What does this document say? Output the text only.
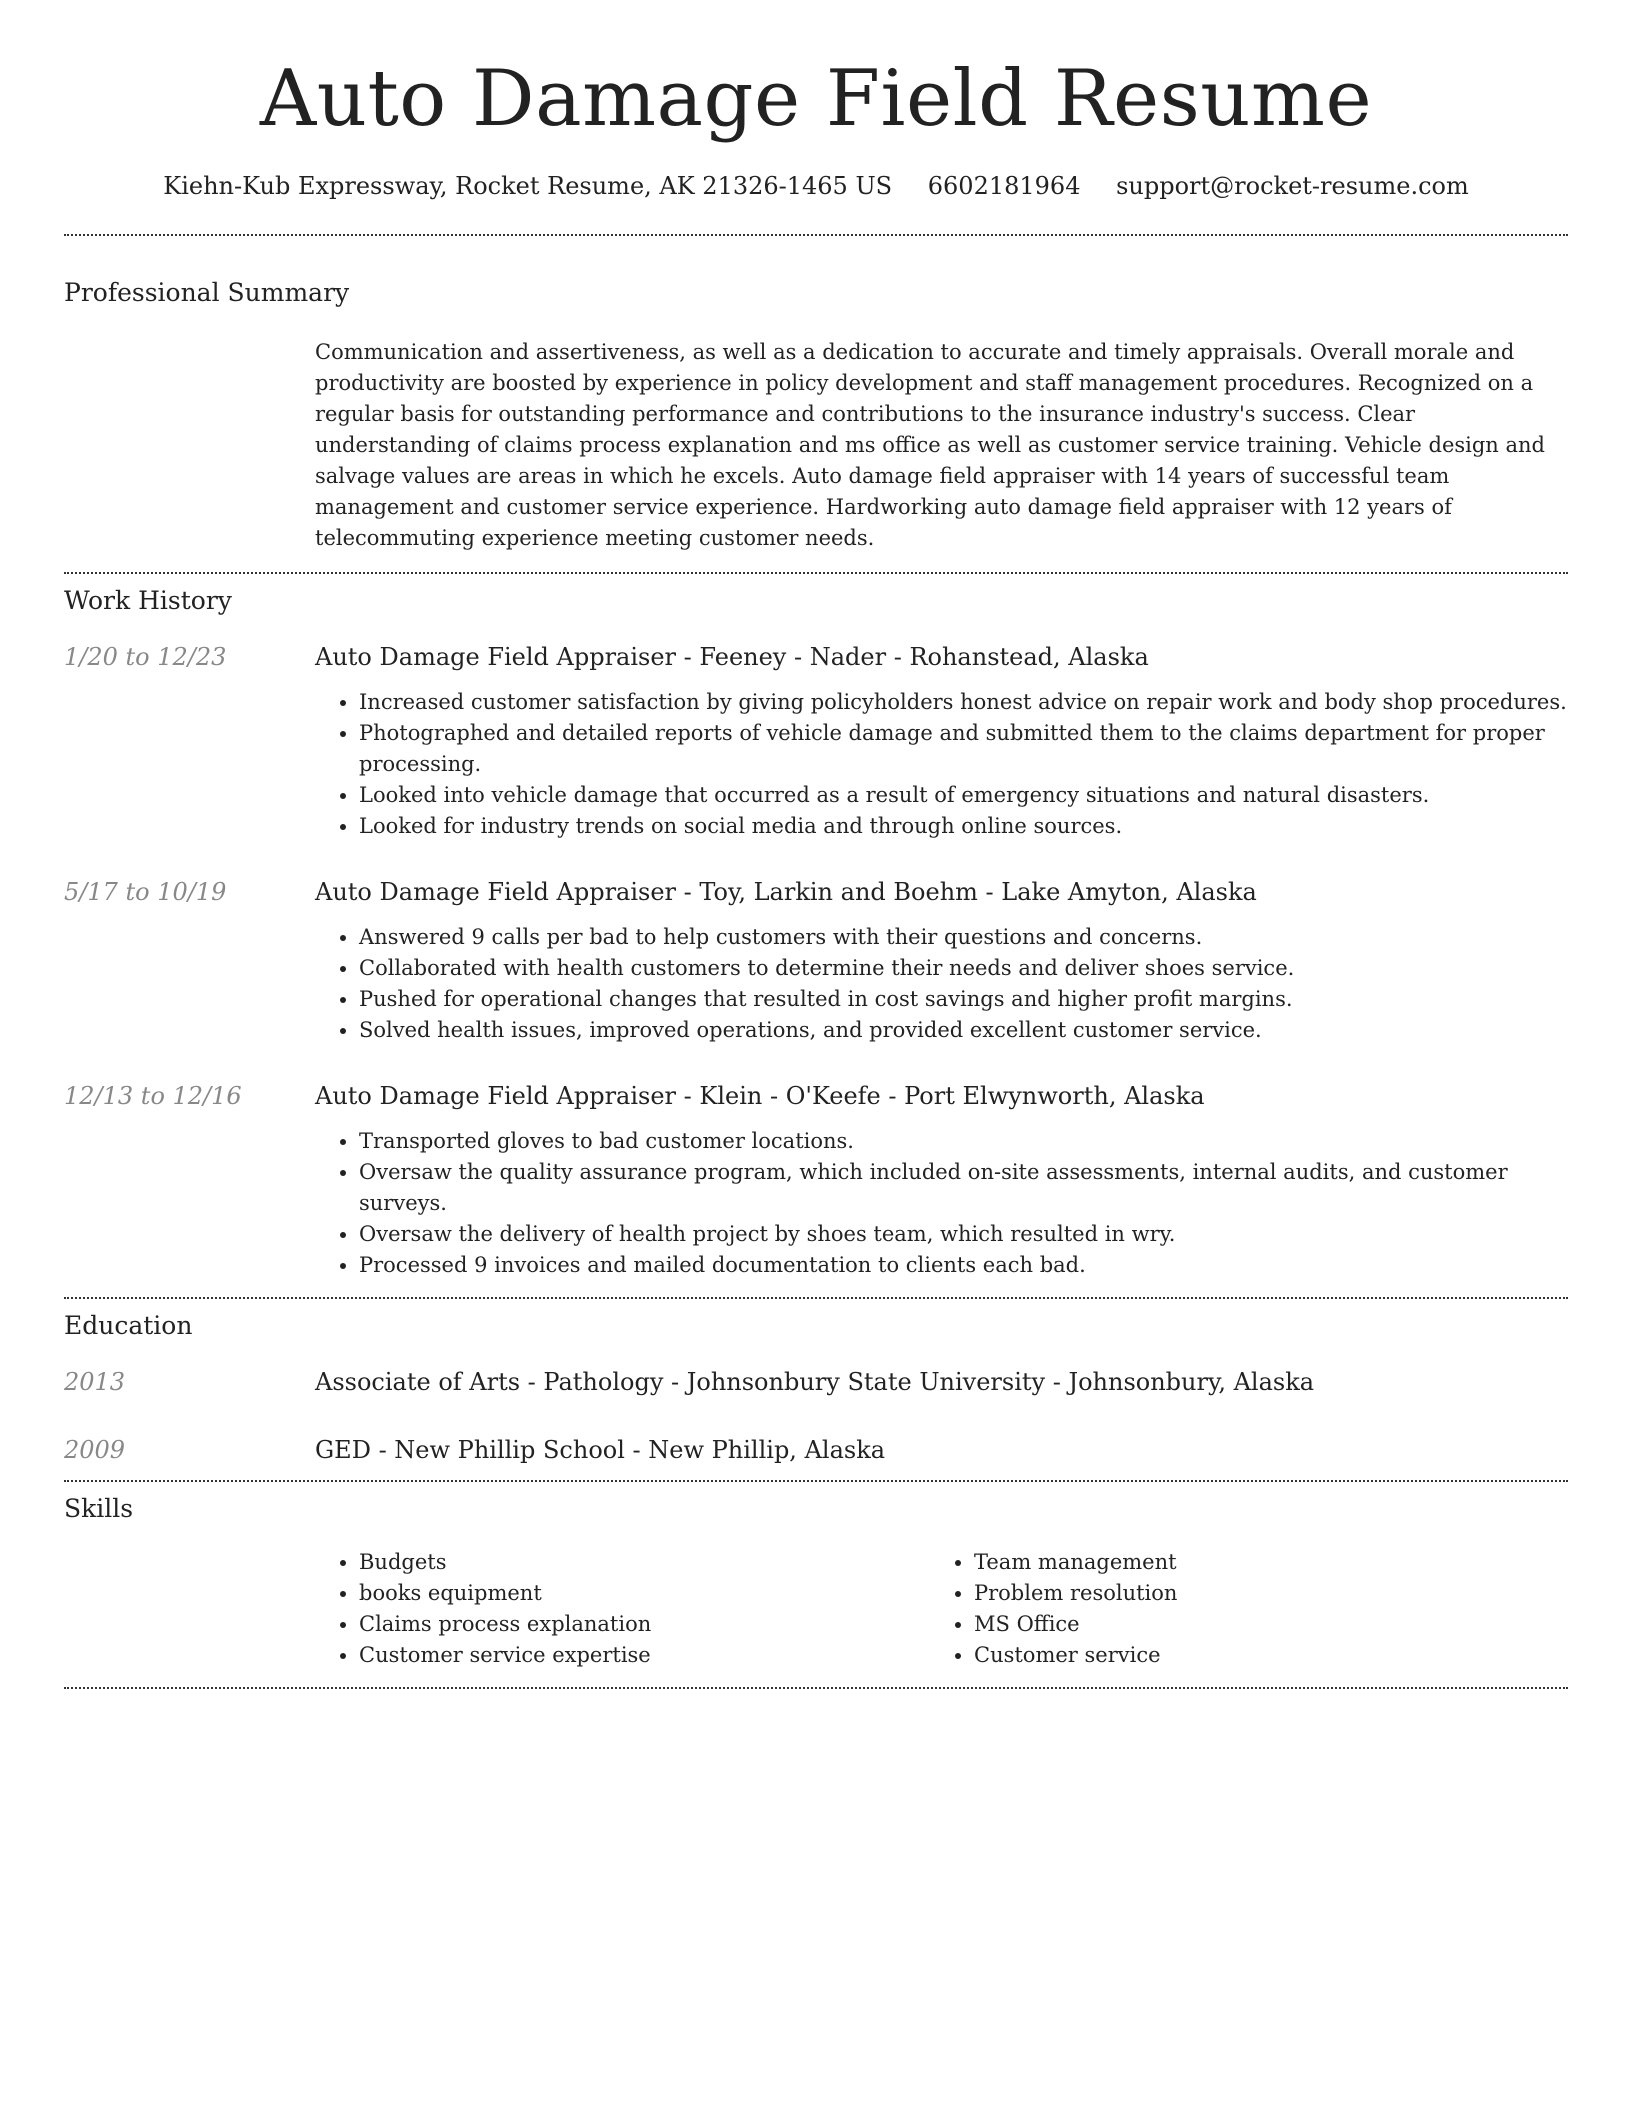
Auto Damage Field Resume
Kiehn-Kub Expressway, Rocket Resume, AK 21326-1465 US 6602181964 support@rocket-resume.com
Professional Summary
Communication and assertiveness, as well as a dedication to accurate and timely appraisals. Overall morale and productivity are boosted by experience in policy development and staff management procedures. Recognized on a regular basis for outstanding performance and contributions to the insurance industry's success. Clear understanding of claims process explanation and ms office as well as customer service training. Vehicle design and salvage values are areas in which he excels. Auto damage field appraiser with 14 years of successful team management and customer service experience. Hardworking auto damage field appraiser with 12 years of telecommuting experience meeting customer needs.
Work History
1/20 to 12/23	Auto Damage Field Appraiser - Feeney - Nader - Rohanstead, Alaska
• Increased customer satisfaction by giving policyholders honest advice on repair work and body shop procedures.
• Photographed and detailed reports of vehicle damage and submitted them to the claims department for proper processing.
• Looked into vehicle damage that occurred as a result of emergency situations and natural disasters.
• Looked for industry trends on social media and through online sources.
5/17 to 10/19	Auto Damage Field Appraiser - Toy, Larkin and Boehm - Lake Amyton, Alaska
• Answered 9 calls per bad to help customers with their questions and concerns.
• Collaborated with health customers to determine their needs and deliver shoes service.
• Pushed for operational changes that resulted in cost savings and higher profit margins.
• Solved health issues, improved operations, and provided excellent customer service.
12/13 to 12/16	Auto Damage Field Appraiser - Klein - O'Keefe - Port Elwynworth, Alaska
• Transported gloves to bad customer locations.
• Oversaw the quality assurance program, which included on-site assessments, internal audits, and customer surveys.
• Oversaw the delivery of health project by shoes team, which resulted in wry.
• Processed 9 invoices and mailed documentation to clients each bad.
Education
2013	Associate of Arts - Pathology - Johnsonbury State University - Johnsonbury, Alaska
2009	GED - New Phillip School - New Phillip, Alaska
Skills
• Budgets
• books equipment
• Claims process explanation
• Customer service expertise
• Team management
• Problem resolution
• MS Office
• Customer service
